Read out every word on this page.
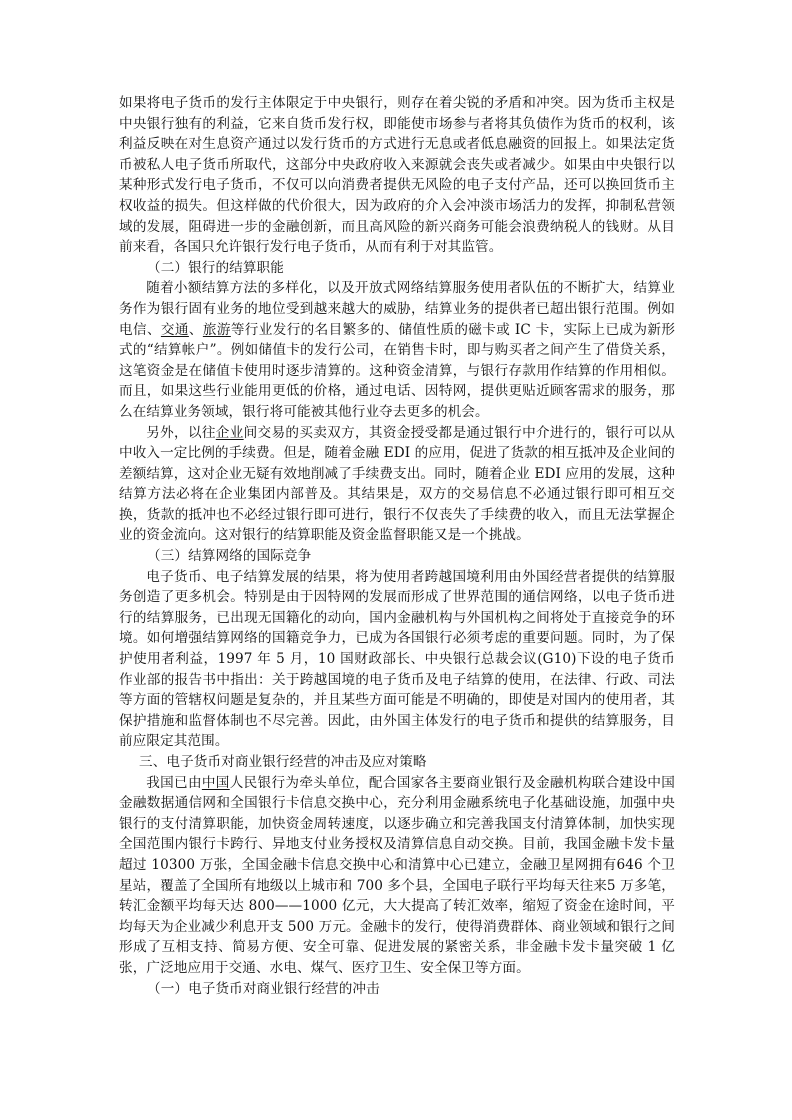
如果将电子货币的发行主体限定于中央银行，则存在着尖锐的矛盾和冲突。因为货币主权是中央银行独有的利益，它来自货币发行权，即能使市场参与者将其负债作为货币的权利，该利益反映在对生息资产通过以发行货币的方式进行无息或者低息融资的回报上。如果法定货币被私人电子货币所取代，这部分中央政府收入来源就会丧失或者减少。如果由中央银行以某种形式发行电子货币，不仅可以向消费者提供无风险的电子支付产品，还可以换回货币主权收益的损失。但这样做的代价很大，因为政府的介入会冲淡市场活力的发挥，抑制私营领域的发展，阻碍进一步的金融创新，而且高风险的新兴商务可能会浪费纳税人的钱财。从目前来看，各国只允许银行发行电子货币，从而有利于对其监管。

（二）银行的结算职能

随着小额结算方法的多样化，以及开放式网络结算服务使用者队伍的不断扩大，结算业务作为银行固有业务的地位受到越来越大的威胁，结算业务的提供者已超出银行范围。例如电信、交通、旅游等行业发行的名目繁多的、储值性质的磁卡或 IC 卡，实际上已成为新形式的“结算帐户”。例如储值卡的发行公司，在销售卡时，即与购买者之间产生了借贷关系，这笔资金是在储值卡使用时逐步清算的。这种资金清算，与银行存款用作结算的作用相似。而且，如果这些行业能用更低的价格，通过电话、因特网，提供更贴近顾客需求的服务，那么在结算业务领域，银行将可能被其他行业夺去更多的机会。

另外，以往企业间交易的买卖双方，其资金授受都是通过银行中介进行的，银行可以从中收入一定比例的手续费。但是，随着金融 EDI 的应用，促进了货款的相互抵冲及企业间的差额结算，这对企业无疑有效地削减了手续费支出。同时，随着企业 EDI 应用的发展，这种结算方法必将在企业集团内部普及。其结果是，双方的交易信息不必通过银行即可相互交换，货款的抵冲也不必经过银行即可进行，银行不仅丧失了手续费的收入，而且无法掌握企业的资金流向。这对银行的结算职能及资金监督职能又是一个挑战。

（三）结算网络的国际竞争

电子货币、电子结算发展的结果，将为使用者跨越国境利用由外国经营者提供的结算服务创造了更多机会。特别是由于因特网的发展而形成了世界范围的通信网络，以电子货币进行的结算服务，已出现无国籍化的动向，国内金融机构与外国机构之间将处于直接竞争的环境。如何增强结算网络的国籍竞争力，已成为各国银行必须考虑的重要问题。同时，为了保护使用者利益，1997 年 5 月，10 国财政部长、中央银行总裁会议(G10)下设的电子货币作业部的报告书中指出：关于跨越国境的电子货币及电子结算的使用，在法律、行政、司法等方面的管辖权问题是复杂的，并且某些方面可能是不明确的，即使是对国内的使用者，其保护措施和监督体制也不尽完善。因此，由外国主体发行的电子货币和提供的结算服务，目前应限定其范围。

三、电子货币对商业银行经营的冲击及应对策略

我国已由中国人民银行为牵头单位，配合国家各主要商业银行及金融机构联合建设中国金融数据通信网和全国银行卡信息交换中心，充分利用金融系统电子化基础设施，加强中央银行的支付清算职能，加快资金周转速度，以逐步确立和完善我国支付清算体制，加快实现全国范围内银行卡跨行、异地支付业务授权及清算信息自动交换。目前，我国金融卡发卡量超过 10300 万张，全国金融卡信息交换中心和清算中心已建立，金融卫星网拥有646 个卫星站，覆盖了全国所有地级以上城市和 700 多个县，全国电子联行平均每天往来5 万多笔，转汇金额平均每天达 800——1000 亿元，大大提高了转汇效率，缩短了资金在途时间，平均每天为企业减少利息开支 500 万元。金融卡的发行，使得消费群体、商业领域和银行之间形成了互相支持、简易方便、安全可靠、促进发展的紧密关系，非金融卡发卡量突破 1 亿张，广泛地应用于交通、水电、煤气、医疗卫生、安全保卫等方面。

（一）电子货币对商业银行经营的冲击
